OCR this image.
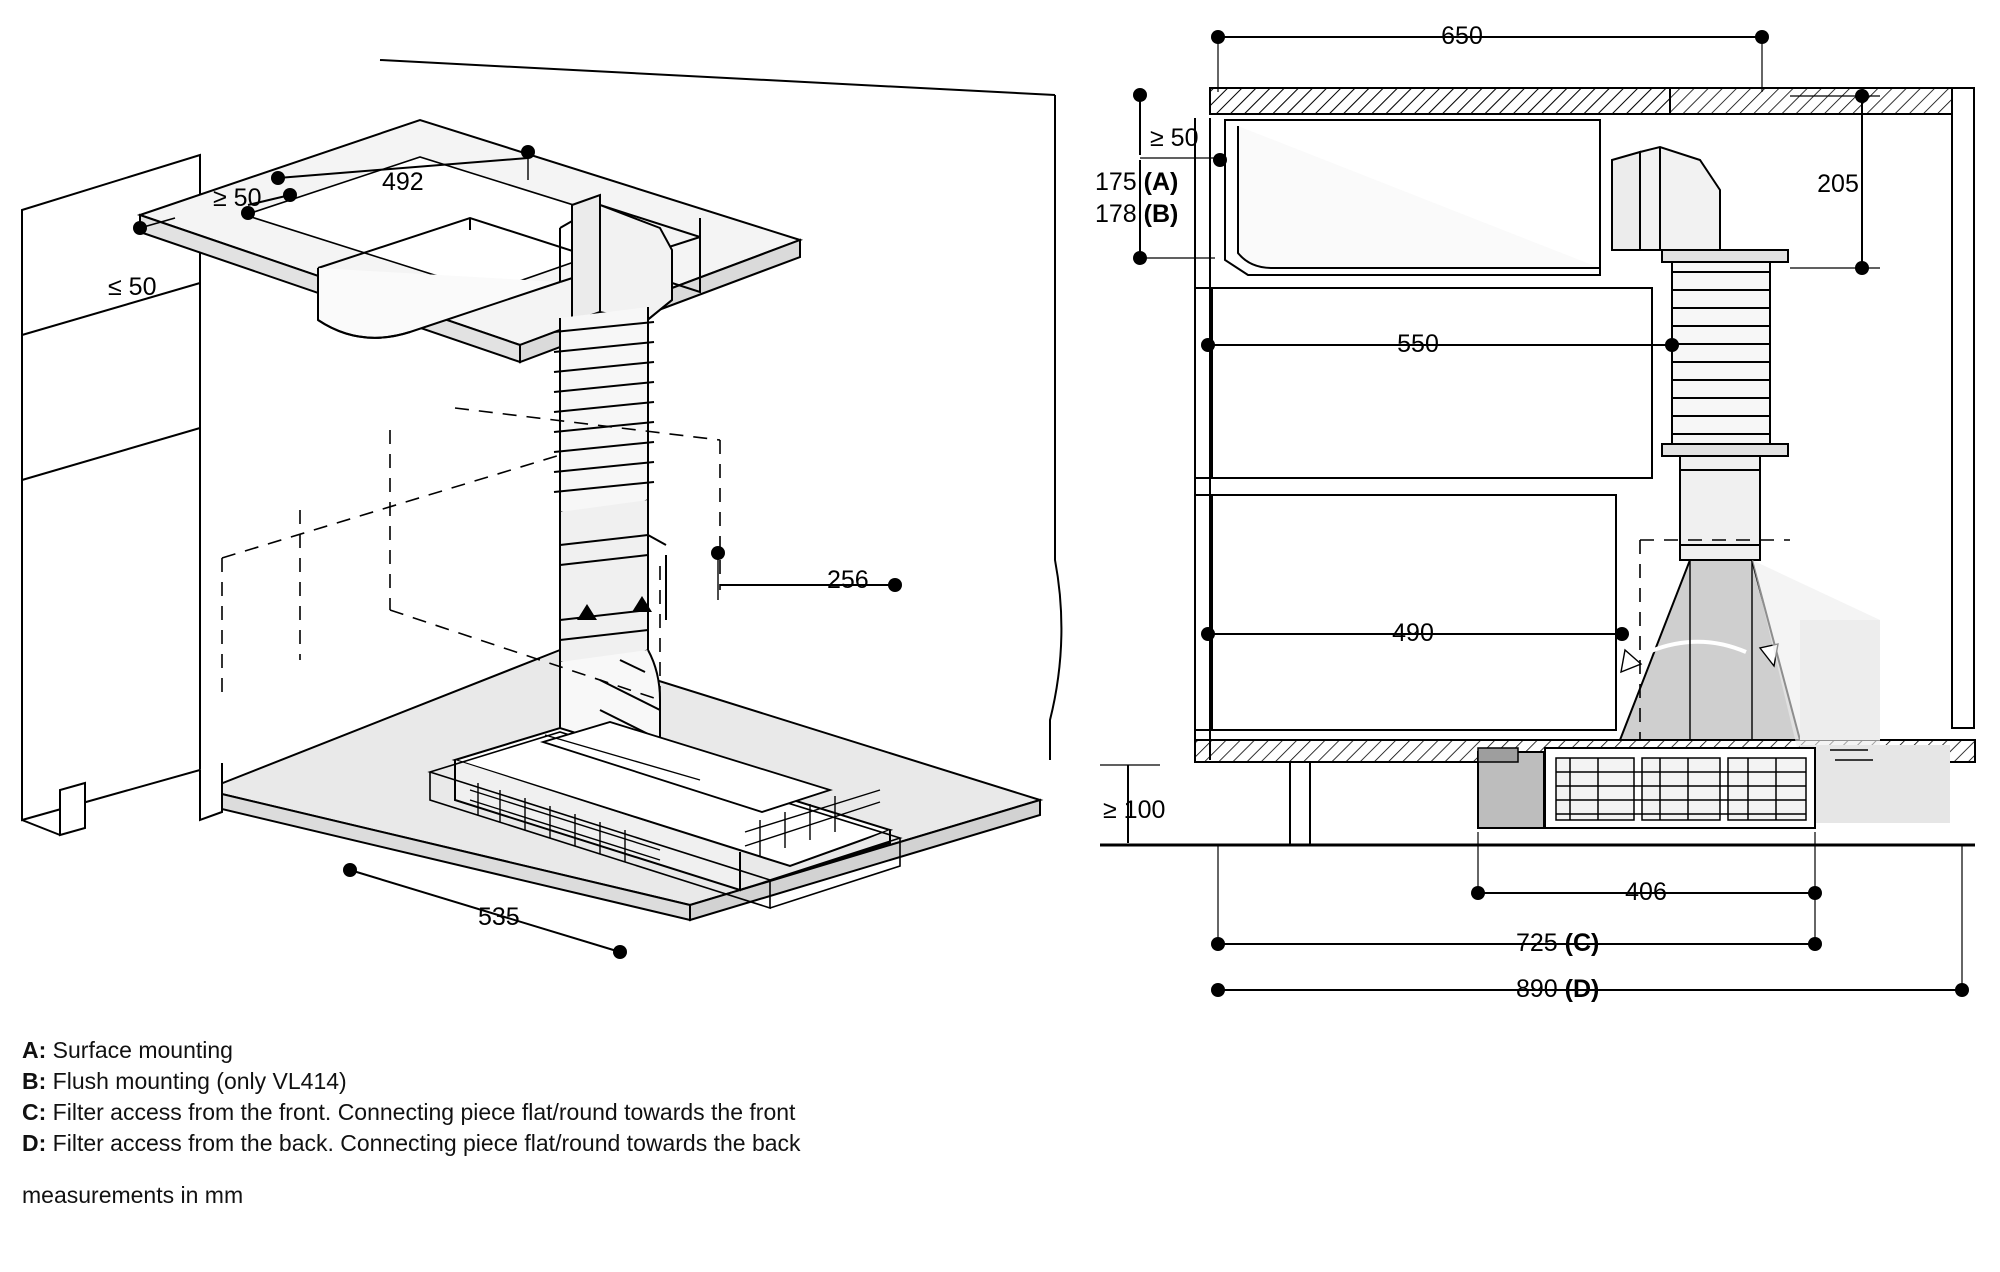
492
≥ 50
≤ 50
256
535
650
≥ 50
175 (A)
178 (B)
205
550
490
≥ 100
406
725 (C)
890 (D)
A: Surface mounting
B: Flush mounting (only VL414)
C: Filter access from the front. Connecting piece flat/round towards the front
D: Filter access from the back. Connecting piece flat/round towards the back
measurements in mm
